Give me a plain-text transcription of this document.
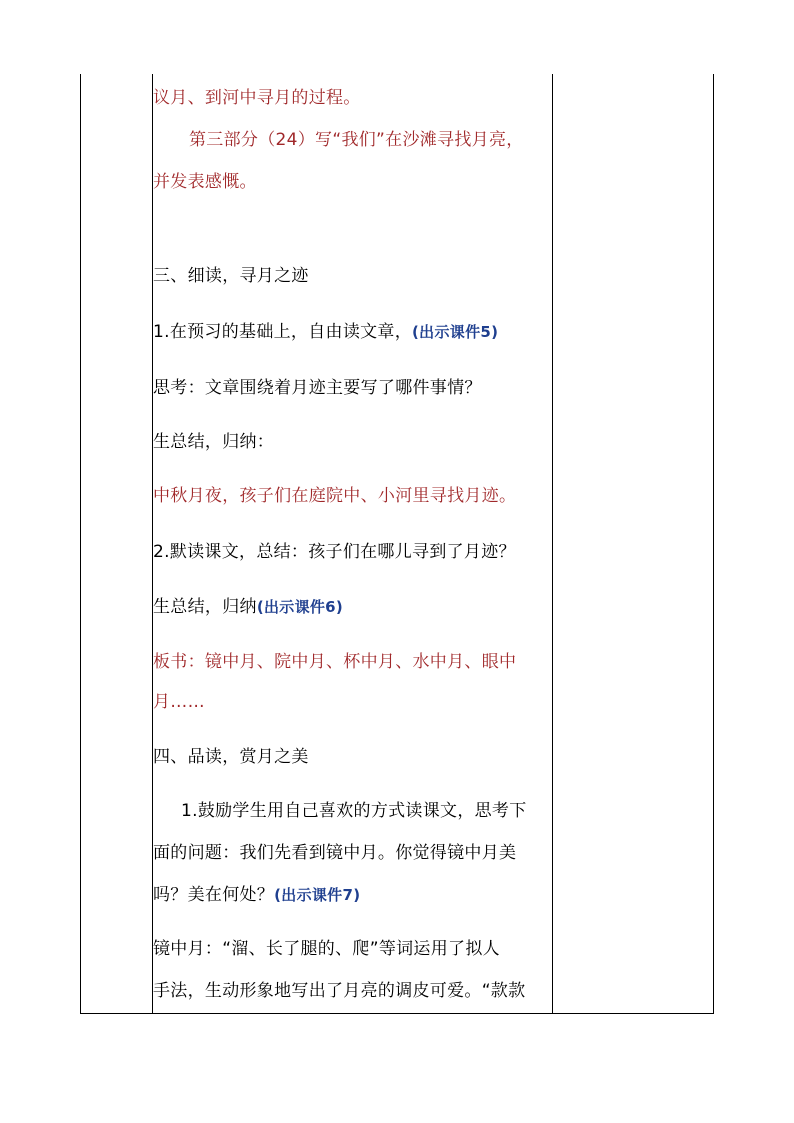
议月、到河中寻月的过程。
第三部分（24）写“我们”在沙滩寻找月亮，
并发表感慨。
三、细读，寻月之迹
1.在预习的基础上，自由读文章，(出示课件5)
思考：文章围绕着月迹主要写了哪件事情？
生总结，归纳：
中秋月夜，孩子们在庭院中、小河里寻找月迹。
2.默读课文，总结：孩子们在哪儿寻到了月迹？
生总结，归纳(出示课件6)
板书：镜中月、院中月、杯中月、水中月、眼中
月……
四、品读，赏月之美
1.鼓励学生用自己喜欢的方式读课文，思考下
面的问题：我们先看到镜中月。你觉得镜中月美
吗？美在何处？(出示课件7)
镜中月：“溜、长了腿的、爬”等词运用了拟人
手法，生动形象地写出了月亮的调皮可爱。“款款
